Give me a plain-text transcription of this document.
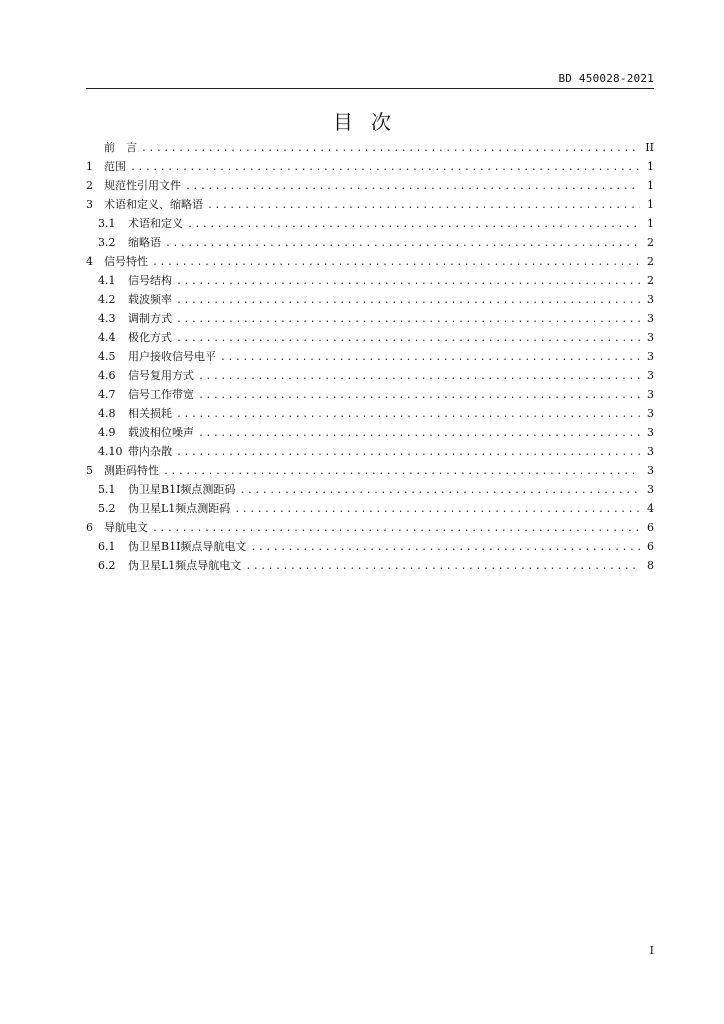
BD 450028-2021
目次
前　言 .....	II
1	范围 .....	1
2	规范性引用文件 .....	1
3	术语和定义、缩略语 .....	1
3.1	术语和定义 .....	1
3.2	缩略语 .....	2
4	信号特性 .....	2
4.1	信号结构 .....	2
4.2	载波频率 .....	3
4.3	调制方式 .....	3
4.4	极化方式 .....	3
4.5	用户接收信号电平 .....	3
4.6	信号复用方式 .....	3
4.7	信号工作带宽 .....	3
4.8	相关损耗 .....	3
4.9	载波相位噪声 .....	3
4.10 带内杂散 .....	3
5	测距码特性 .....	3
5.1	伪卫星B1I频点测距码 .....	3
5.2	伪卫星L1频点测距码 .....	4
6	导航电文 .....	6
6.1	伪卫星B1I频点导航电文 .....	6
6.2	伪卫星L1频点导航电文 .....	8
I
